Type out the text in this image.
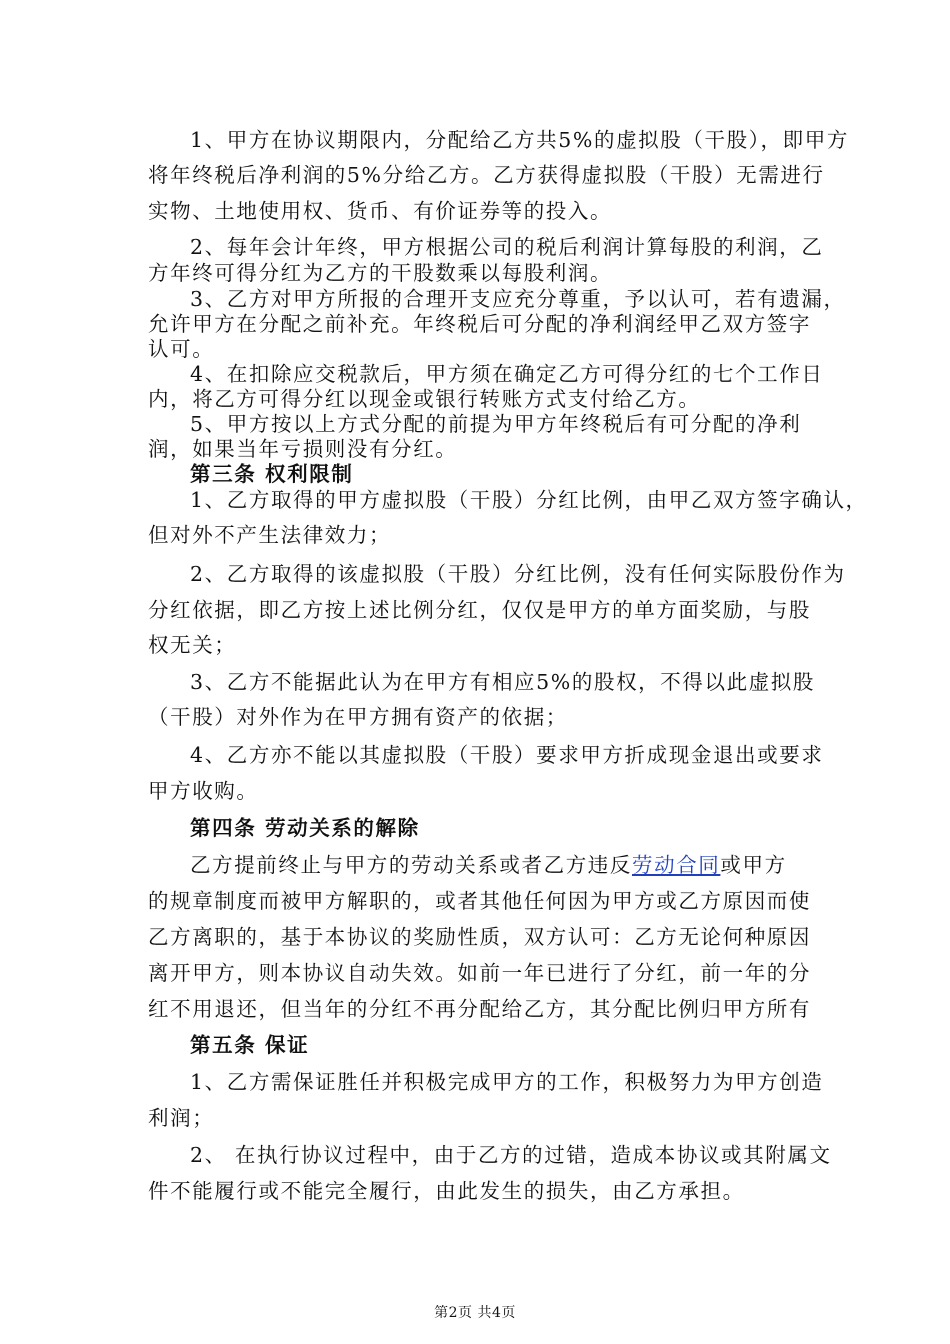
1、甲方在协议期限内，分配给乙方共5%的虚拟股（干股），即甲方
将年终税后净利润的5%分给乙方。乙方获得虚拟股（干股）无需进行
实物、土地使用权、货币、有价证券等的投入。
2、每年会计年终，甲方根据公司的税后利润计算每股的利润，乙
方年终可得分红为乙方的干股数乘以每股利润。
3、乙方对甲方所报的合理开支应充分尊重，予以认可，若有遗漏，
允许甲方在分配之前补充。年终税后可分配的净利润经甲乙双方签字
认可。
4、在扣除应交税款后，甲方须在确定乙方可得分红的七个工作日
内，将乙方可得分红以现金或银行转账方式支付给乙方。
5、甲方按以上方式分配的前提为甲方年终税后有可分配的净利
润，如果当年亏损则没有分红。
第三条 权利限制
1、乙方取得的甲方虚拟股（干股）分红比例，由甲乙双方签字确认，
但对外不产生法律效力；
2、乙方取得的该虚拟股（干股）分红比例，没有任何实际股份作为
分红依据，即乙方按上述比例分红，仅仅是甲方的单方面奖励，与股
权无关；
3、乙方不能据此认为在甲方有相应5%的股权，不得以此虚拟股
（干股）对外作为在甲方拥有资产的依据；
4、乙方亦不能以其虚拟股（干股）要求甲方折成现金退出或要求
甲方收购。
第四条 劳动关系的解除
乙方提前终止与甲方的劳动关系或者乙方违反劳动合同或甲方
的规章制度而被甲方解职的，或者其他任何因为甲方或乙方原因而使
乙方离职的，基于本协议的奖励性质，双方认可：乙方无论何种原因
离开甲方，则本协议自动失效。如前一年已进行了分红，前一年的分
红不用退还，但当年的分红不再分配给乙方，其分配比例归甲方所有
第五条 保证
1、乙方需保证胜任并积极完成甲方的工作，积极努力为甲方创造
利润；
2、 在执行协议过程中，由于乙方的过错，造成本协议或其附属文
件不能履行或不能完全履行，由此发生的损失，由乙方承担。
第2页 共4页
